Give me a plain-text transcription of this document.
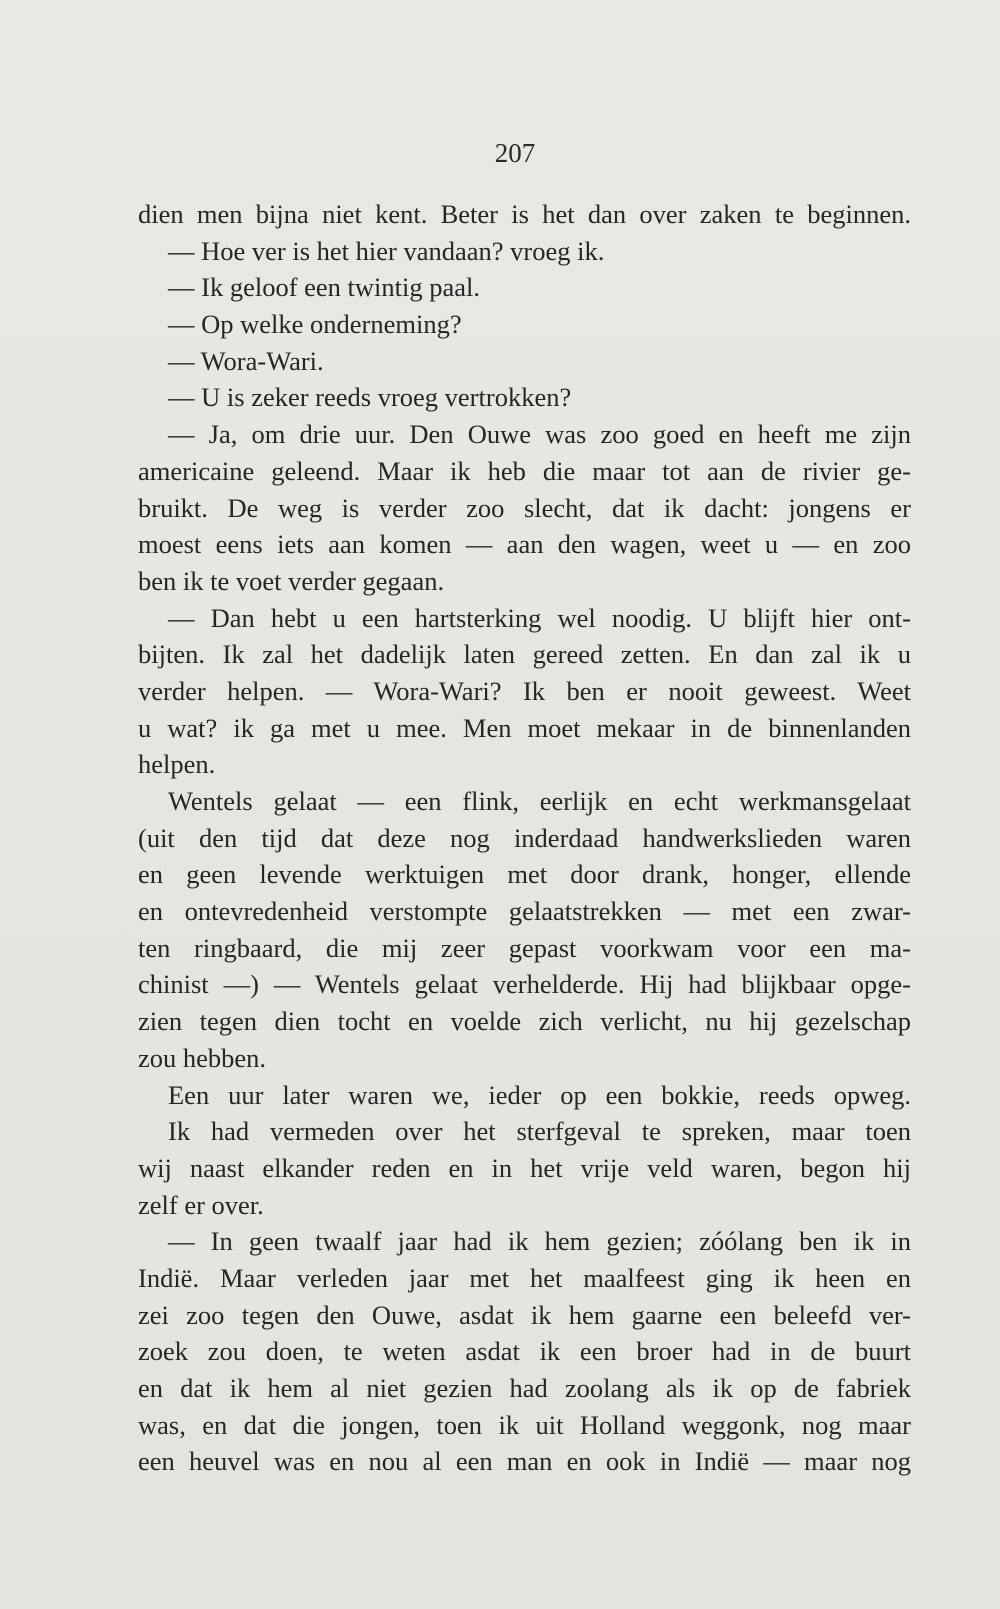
207
dien men bijna niet kent. Beter is het dan over zaken te beginnen.
— Hoe ver is het hier vandaan? vroeg ik.
— Ik geloof een twintig paal.
— Op welke onderneming?
— Wora-Wari.
— U is zeker reeds vroeg vertrokken?
— Ja, om drie uur. Den Ouwe was zoo goed en heeft me zijn
americaine geleend. Maar ik heb die maar tot aan de rivier ge-
bruikt. De weg is verder zoo slecht, dat ik dacht: jongens er
moest eens iets aan komen — aan den wagen, weet u — en zoo
ben ik te voet verder gegaan.
— Dan hebt u een hartsterking wel noodig. U blijft hier ont-
bijten. Ik zal het dadelijk laten gereed zetten. En dan zal ik u
verder helpen. — Wora-Wari? Ik ben er nooit geweest. Weet
u wat? ik ga met u mee. Men moet mekaar in de binnenlanden
helpen.
Wentels gelaat — een flink, eerlijk en echt werkmansgelaat
(uit den tijd dat deze nog inderdaad handwerkslieden waren
en geen levende werktuigen met door drank, honger, ellende
en ontevredenheid verstompte gelaatstrekken — met een zwar-
ten ringbaard, die mij zeer gepast voorkwam voor een ma-
chinist —) — Wentels gelaat verhelderde. Hij had blijkbaar opge-
zien tegen dien tocht en voelde zich verlicht, nu hij gezelschap
zou hebben.
Een uur later waren we, ieder op een bokkie, reeds opweg.
Ik had vermeden over het sterfgeval te spreken, maar toen
wij naast elkander reden en in het vrije veld waren, begon hij
zelf er over.
— In geen twaalf jaar had ik hem gezien; zóólang ben ik in
Indië. Maar verleden jaar met het maalfeest ging ik heen en
zei zoo tegen den Ouwe, asdat ik hem gaarne een beleefd ver-
zoek zou doen, te weten asdat ik een broer had in de buurt
en dat ik hem al niet gezien had zoolang als ik op de fabriek
was, en dat die jongen, toen ik uit Holland weggonk, nog maar
een heuvel was en nou al een man en ook in Indië — maar nog
